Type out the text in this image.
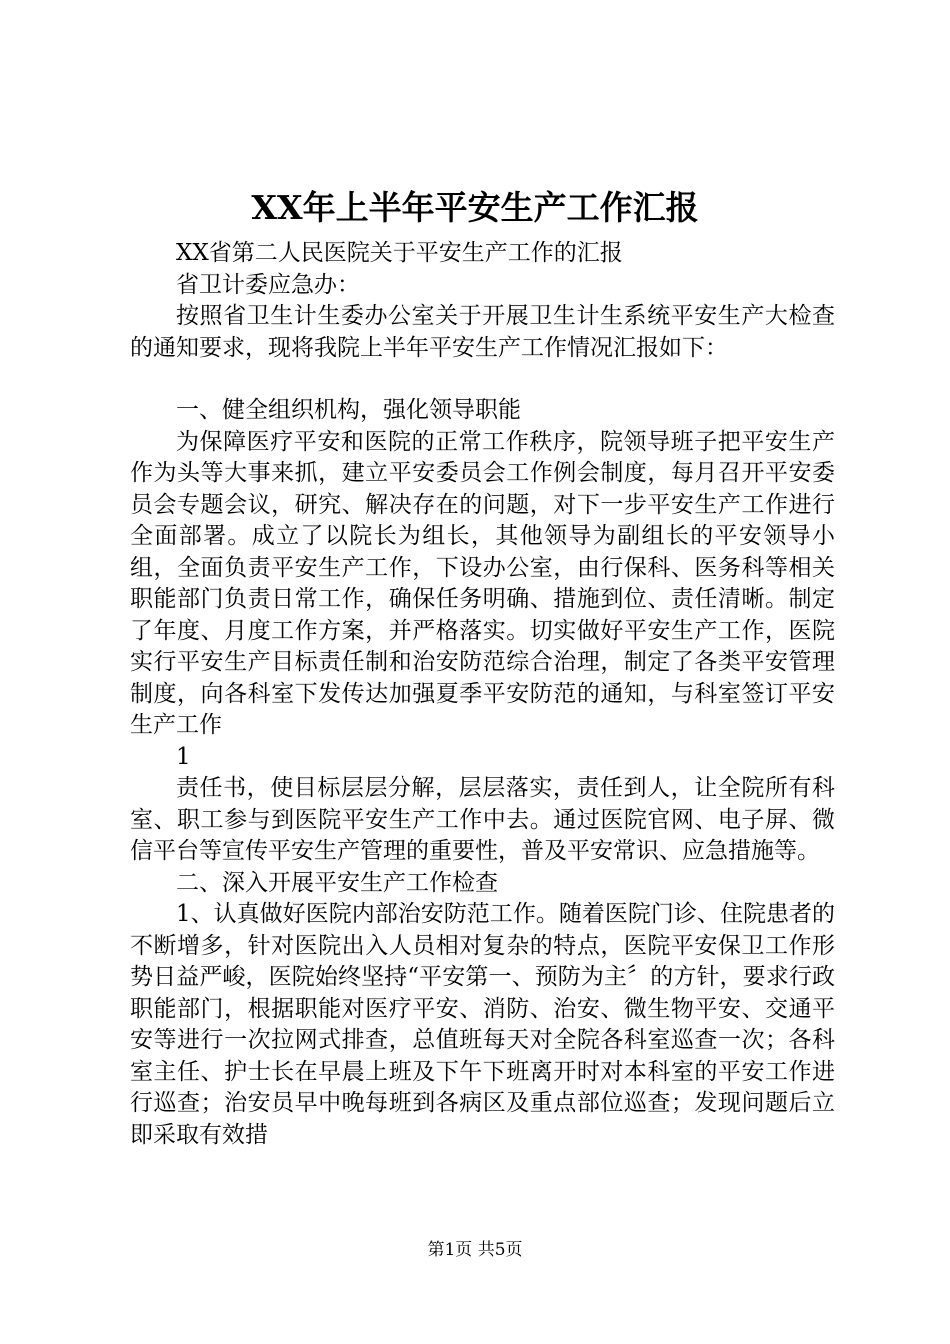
XX年上半年平安生产工作汇报

XX省第二人民医院关于平安生产工作的汇报

省卫计委应急办：

按照省卫生计生委办公室关于开展卫生计生系统平安生产大检查的通知要求，现将我院上半年平安生产工作情况汇报如下：

一、健全组织机构，强化领导职能

为保障医疗平安和医院的正常工作秩序，院领导班子把平安生产作为头等大事来抓，建立平安委员会工作例会制度，每月召开平安委员会专题会议，研究、解决存在的问题，对下一步平安生产工作进行全面部署。成立了以院长为组长，其他领导为副组长的平安领导小组，全面负责平安生产工作，下设办公室，由行保科、医务科等相关职能部门负责日常工作，确保任务明确、措施到位、责任清晰。制定了年度、月度工作方案，并严格落实。切实做好平安生产工作，医院实行平安生产目标责任制和治安防范综合治理，制定了各类平安管理制度，向各科室下发传达加强夏季平安防范的通知，与科室签订平安生产工作

1

责任书，使目标层层分解，层层落实，责任到人，让全院所有科室、职工参与到医院平安生产工作中去。通过医院官网、电子屏、微信平台等宣传平安生产管理的重要性，普及平安常识、应急措施等。

二、深入开展平安生产工作检查

1、认真做好医院内部治安防范工作。随着医院门诊、住院患者的不断增多，针对医院出入人员相对复杂的特点，医院平安保卫工作形势日益严峻，医院始终坚持“平安第一、预防为主〞的方针，要求行政职能部门，根据职能对医疗平安、消防、治安、微生物平安、交通平安等进行一次拉网式排查，总值班每天对全院各科室巡查一次；各科室主任、护士长在早晨上班及下午下班离开时对本科室的平安工作进行巡查；治安员早中晚每班到各病区及重点部位巡查；发现问题后立即采取有效措

第1页 共5页
